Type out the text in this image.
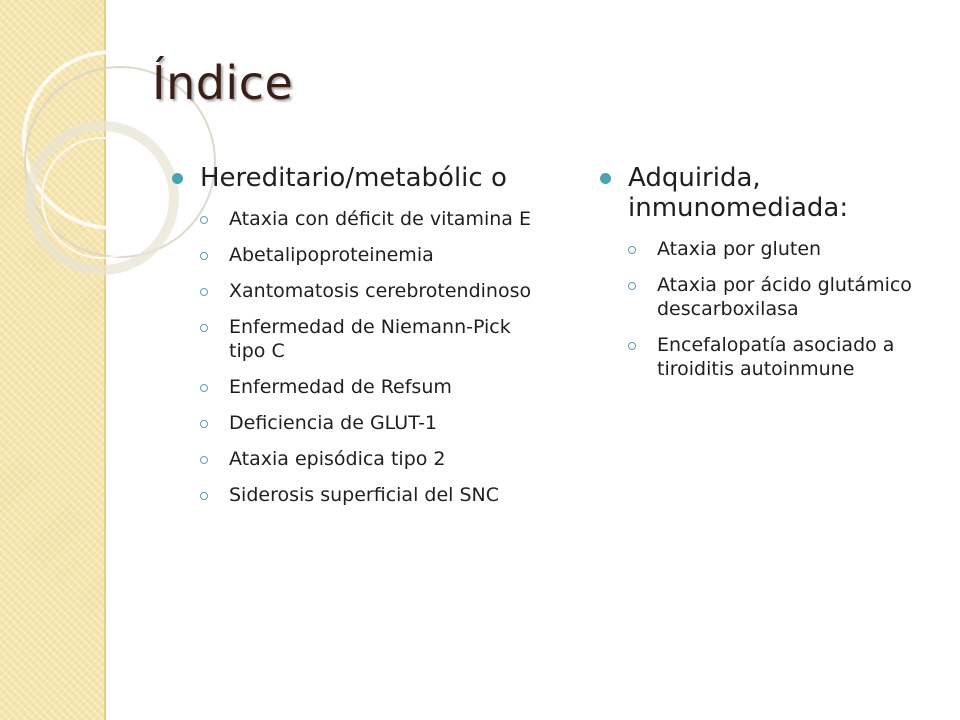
Índice
Hereditario/metabólic o
Ataxia con déficit de vitamina E
Abetalipoproteinemia
Xantomatosis cerebrotendinoso
Enfermedad de Niemann-Pick tipo C
Enfermedad de Refsum
Deficiencia de GLUT-1
Ataxia episódica tipo 2
Siderosis superficial del SNC
Adquirida, inmunomediada:
Ataxia por gluten
Ataxia por ácido glutámico descarboxilasa
Encefalopatía asociado a tiroiditis autoinmune
